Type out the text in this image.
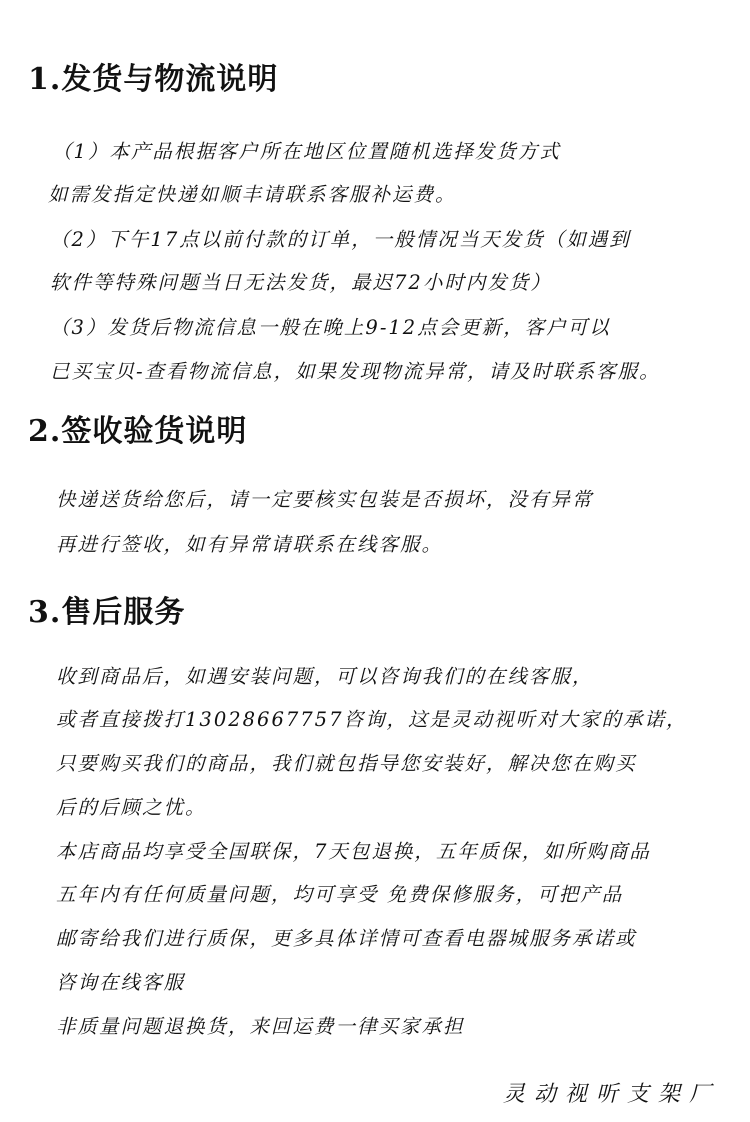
1.发货与物流说明
（1）本产品根据客户所在地区位置随机选择发货方式
如需发指定快递如顺丰请联系客服补运费。
（2）下午17点以前付款的订单，一般情况当天发货（如遇到
软件等特殊问题当日无法发货，最迟72小时内发货）
（3）发货后物流信息一般在晚上9-12点会更新，客户可以
已买宝贝-查看物流信息，如果发现物流异常，请及时联系客服。
2.签收验货说明
快递送货给您后，请一定要核实包装是否损坏，没有异常
再进行签收，如有异常请联系在线客服。
3.售后服务
收到商品后，如遇安装问题，可以咨询我们的在线客服，
或者直接拨打13028667757咨询，这是灵动视听对大家的承诺，
只要购买我们的商品，我们就包指导您安装好，解决您在购买
后的后顾之忧。
本店商品均享受全国联保，7天包退换，五年质保，如所购商品
五年内有任何质量问题，均可享受 免费保修服务，可把产品
邮寄给我们进行质保，更多具体详情可查看电器城服务承诺或
咨询在线客服
非质量问题退换货，来回运费一律买家承担
灵动视听支架厂
